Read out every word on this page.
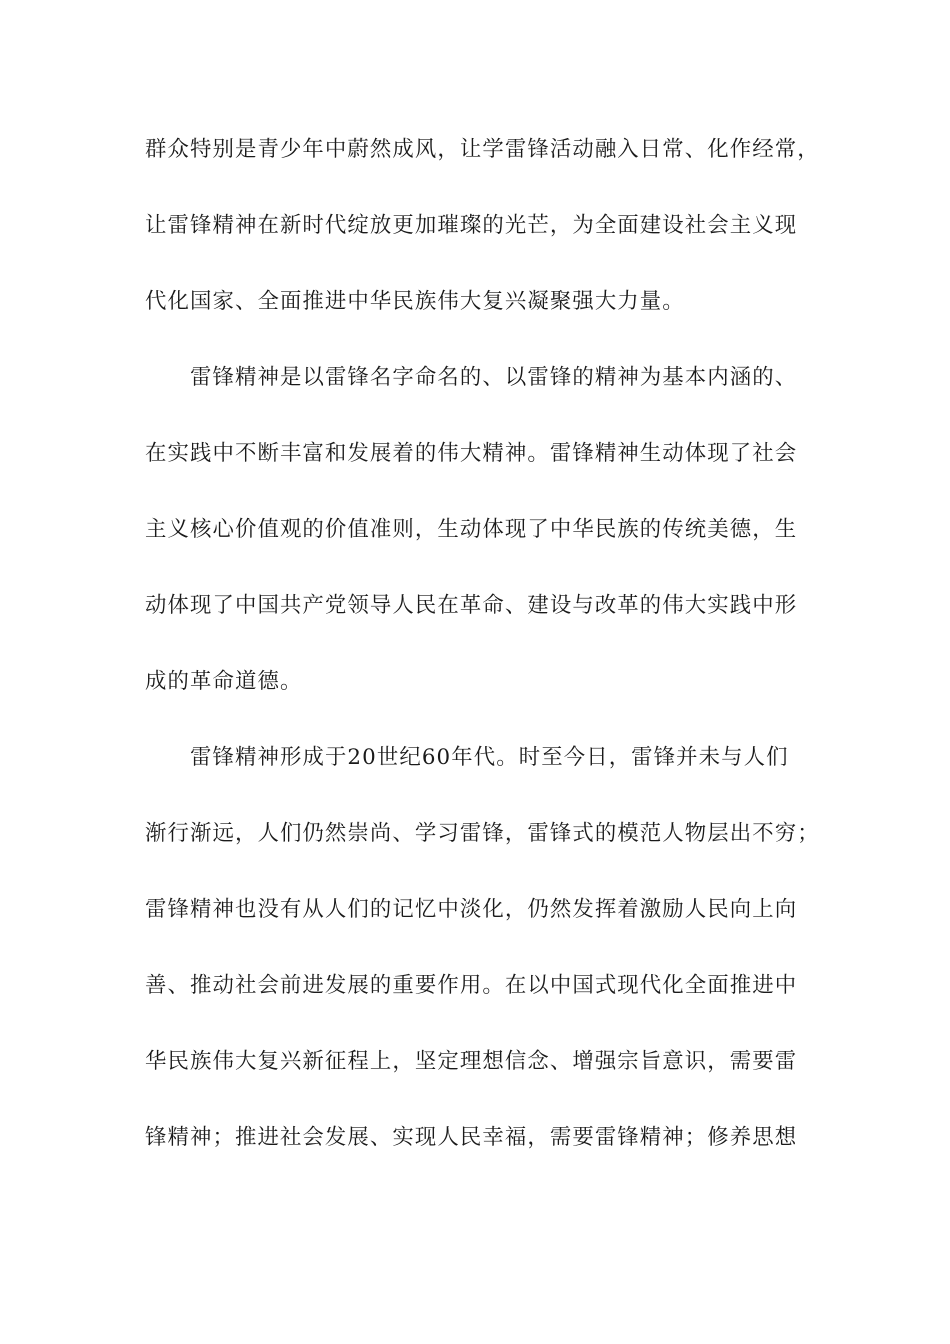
群众特别是青少年中蔚然成风，让学雷锋活动融入日常、化作经常，
让雷锋精神在新时代绽放更加璀璨的光芒，为全面建设社会主义现
代化国家、全面推进中华民族伟大复兴凝聚强大力量。
雷锋精神是以雷锋名字命名的、以雷锋的精神为基本内涵的、
在实践中不断丰富和发展着的伟大精神。雷锋精神生动体现了社会
主义核心价值观的价值准则，生动体现了中华民族的传统美德，生
动体现了中国共产党领导人民在革命、建设与改革的伟大实践中形
成的革命道德。
雷锋精神形成于20世纪60年代。时至今日，雷锋并未与人们
渐行渐远，人们仍然崇尚、学习雷锋，雷锋式的模范人物层出不穷；
雷锋精神也没有从人们的记忆中淡化，仍然发挥着激励人民向上向
善、推动社会前进发展的重要作用。在以中国式现代化全面推进中
华民族伟大复兴新征程上，坚定理想信念、增强宗旨意识，需要雷
锋精神；推进社会发展、实现人民幸福，需要雷锋精神；修养思想
